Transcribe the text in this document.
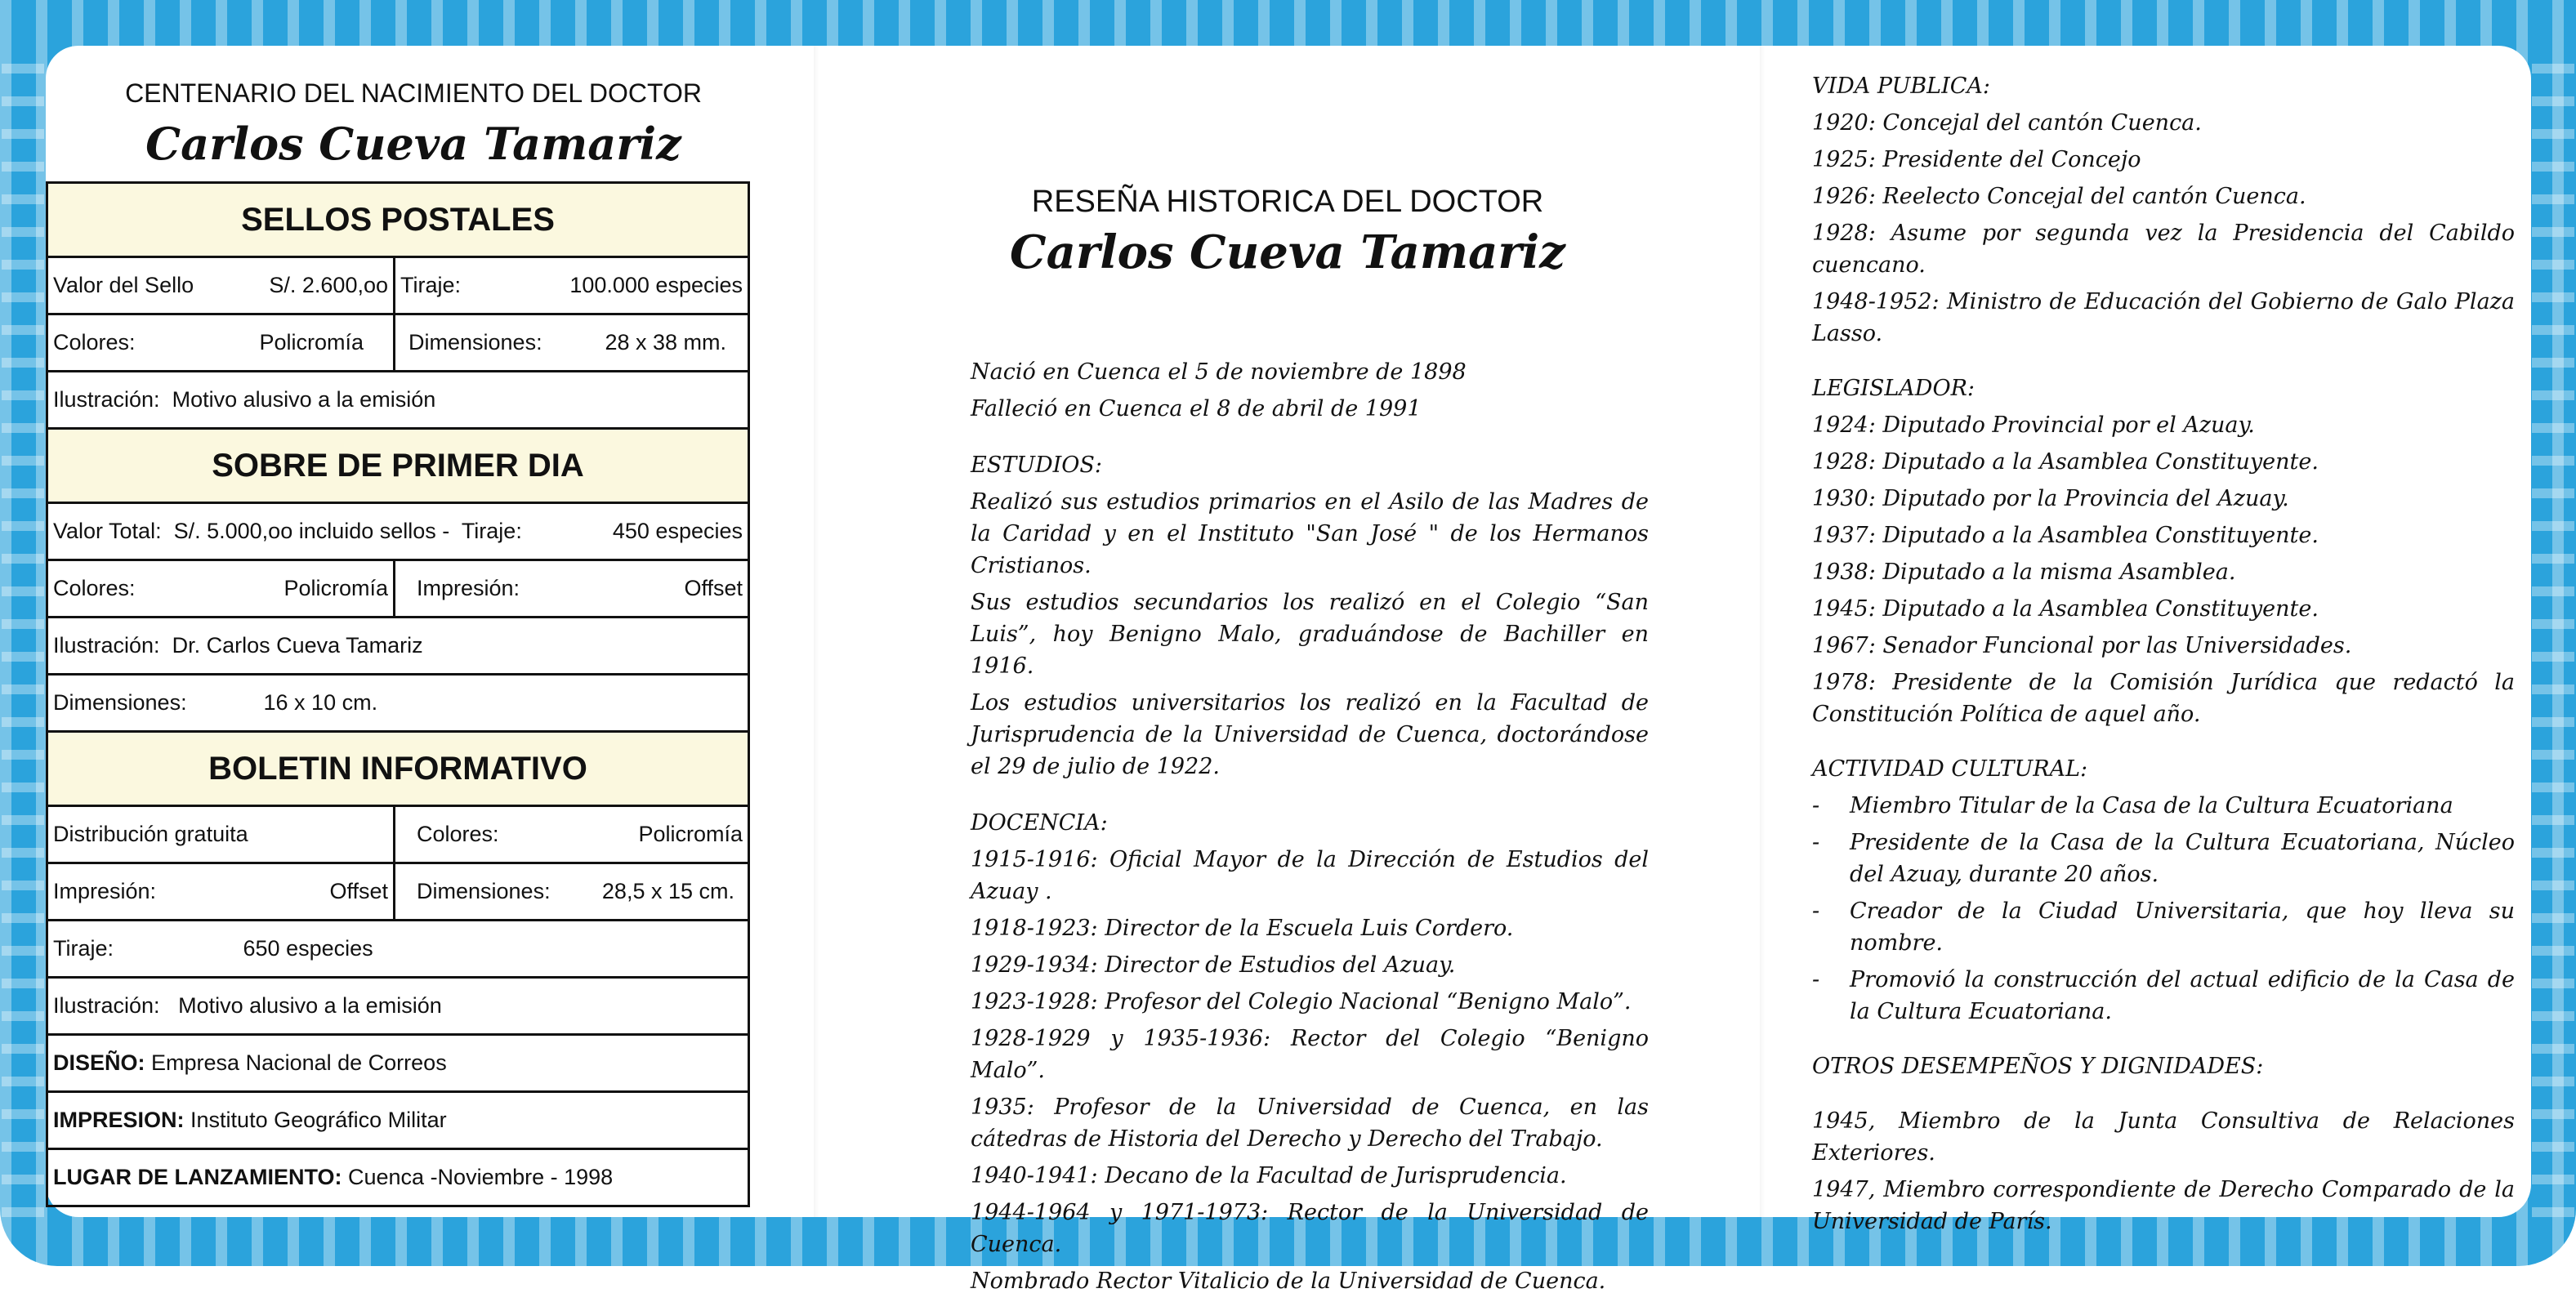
CENTENARIO DEL NACIMIENTO DEL DOCTOR
Carlos Cueva Tamariz
SELLOS POSTALES	

Valor del Sello S/. 2.600,oo	Tiraje: 100.000 especies

Colores: Policromía	Dimensiones: 28 x 38 mm.

Ilustración: Motivo alusivo a la emisión	
SOBRE DE PRIMER DIA	

Valor Total: S/. 5.000,oo incluido sellos - Tiraje: 450 especies	

Colores: Policromía	Impresión: Offset

Ilustración: Dr. Carlos Cueva Tamariz	
Dimensiones: 16 x 10 cm.	
BOLETIN INFORMATIVO	
Distribución gratuita	Colores: Policromía

Impresión: Offset	Dimensiones: 28,5 x 15 cm.

Tiraje: 650 especies	
Ilustración: Motivo alusivo a la emisión	
DISEÑO: Empresa Nacional de Correos	
IMPRESION: Instituto Geográfico Militar	
LUGAR DE LANZAMIENTO: Cuenca -Noviembre - 1998	
RESEÑA HISTORICA DEL DOCTOR
Carlos Cueva Tamariz

Nació en Cuenca el 5 de noviembre de 1898

Falleció en Cuenca el 8 de abril de 1991

ESTUDIOS:

Realizó sus estudios primarios en el Asilo de las Madres de la Caridad y en el Instituto "San José " de los Hermanos Cristianos.

Sus estudios secundarios los realizó en el Colegio “San Luis”, hoy Benigno Malo, graduándose de Bachiller en 1916.

Los estudios universitarios los realizó en la Facultad de Jurisprudencia de la Universidad de Cuenca, doctorándose el 29 de julio de 1922.

DOCENCIA:

1915-1916: Oficial Mayor de la Dirección de Estudios del Azuay .

1918-1923: Director de la Escuela Luis Cordero.

1929-1934: Director de Estudios del Azuay.

1923-1928: Profesor del Colegio Nacional “Benigno Malo”.

1928-1929 y 1935-1936: Rector del Colegio “Benigno Malo”.

1935: Profesor de la Universidad de Cuenca, en las cátedras de Historia del Derecho y Derecho del Trabajo.

1940-1941: Decano de la Facultad de Jurisprudencia.

1944-1964 y 1971-1973: Rector de la Universidad de Cuenca.

Nombrado Rector Vitalicio de la Universidad de Cuenca.

VIDA PUBLICA:

1920: Concejal del cantón Cuenca.

1925: Presidente del Concejo

1926: Reelecto Concejal del cantón Cuenca.

1928: Asume por segunda vez la Presidencia del Cabildo cuencano.

1948-1952: Ministro de Educación del Gobierno de Galo Plaza Lasso.

LEGISLADOR:

1924: Diputado Provincial por el Azuay.

1928: Diputado a la Asamblea Constituyente.

1930: Diputado por la Provincia del Azuay.

1937: Diputado a la Asamblea Constituyente.

1938: Diputado a la misma Asamblea.

1945: Diputado a la Asamblea Constituyente.

1967: Senador Funcional por las Universidades.

1978: Presidente de la Comisión Jurídica que redactó la Constitución Política de aquel año.

ACTIVIDAD CULTURAL:

- Miembro Titular de la Casa de la Cultura Ecuatoriana
- Presidente de la Casa de la Cultura Ecuatoriana, Núcleo del Azuay, durante 20 años.
- Creador de la Ciudad Universitaria, que hoy lleva su nombre.
- Promovió la construcción del actual edificio de la Casa de la Cultura Ecuatoriana.

OTROS DESEMPEÑOS Y DIGNIDADES:

1945, Miembro de la Junta Consultiva de Relaciones Exteriores.

1947, Miembro correspondiente de Derecho Comparado de la Universidad de París.
